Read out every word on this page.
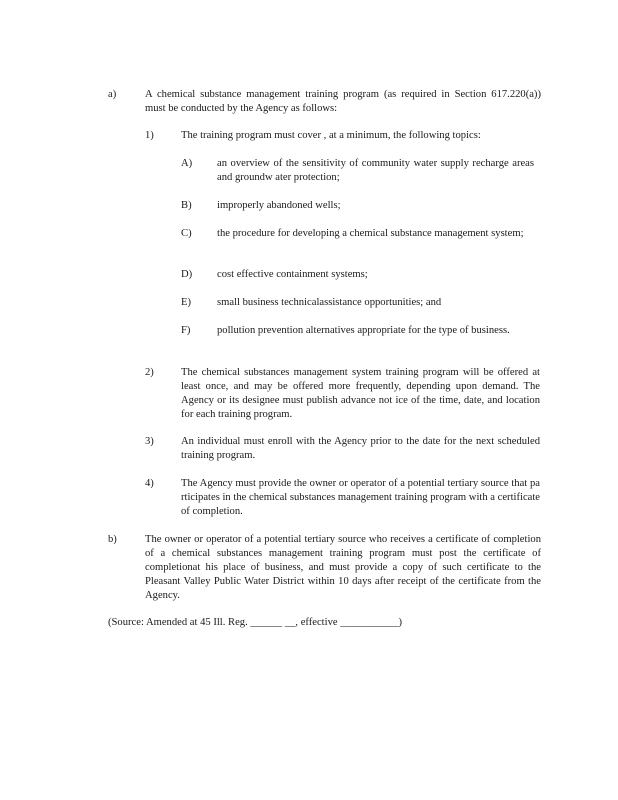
a)	A chemical substance management training program (as required in Section 617.220(a)) must be conducted by the Agency as follows:
1)	The training program must cover , at a minimum, the following topics:
A) an overview of the sensitivity of community water supply recharge areas and groundw ater protection;
B) improperly abandoned wells;
C) the procedure for developing a chemical substance management system;
D) cost effective containment systems;
E) small business technicalassistance opportunities; and
F)	pollution prevention alternatives appropriate for the type of business.
2)	The chemical substances management system training program will be offered at least once, and may be offered more frequently, depending upon demand. The Agency or its designee must publish advance not ice of the time, date, and location for each training program.
3)	An individual must enroll with the Agency prior to the date for the next scheduled training program.
4)	The Agency must provide the owner or operator of a potential tertiary source that pa rticipates in the chemical substances management training program with a certificate of completion.
b)	The owner or operator of a potential tertiary source who receives a certificate of completion of a chemical substances management training program must post the certificate of completionat his place of business, and must provide a copy of such certificate to the Pleasant Valley Public Water District within 10 days after receipt of the certificate from the Agency.
(Source: Amended at 45 Ill. Reg. ______ __, effective ___________)
